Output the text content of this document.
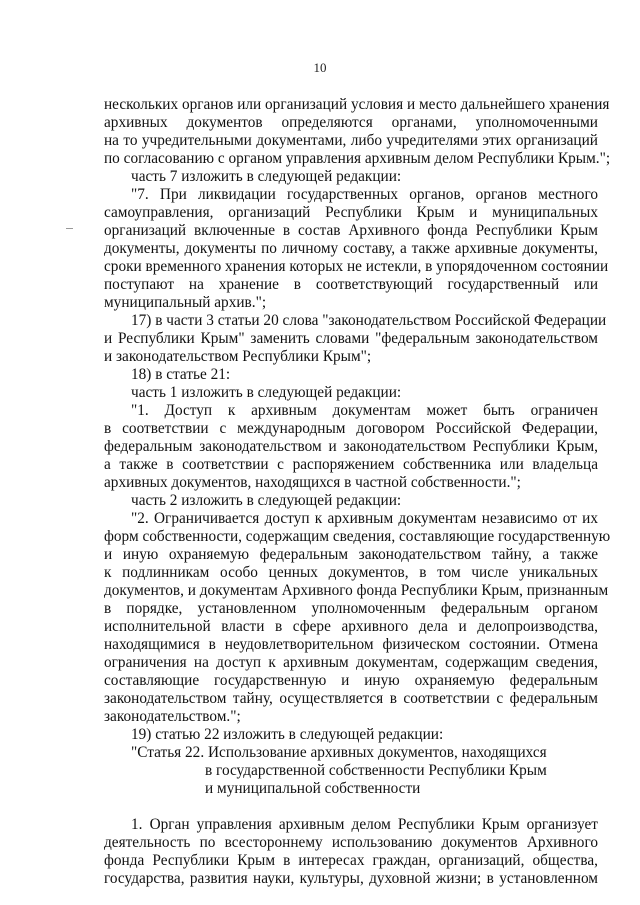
10
нескольких органов или организаций условия и место дальнейшего хранения
архивных документов определяются органами, уполномоченными
на то учредительными документами, либо учредителями этих организаций
по согласованию с органом управления архивным делом Республики Крым.";
часть 7 изложить в следующей редакции:
"7. При ликвидации государственных органов, органов местного
самоуправления, организаций Республики Крым и муниципальных
организаций включенные в состав Архивного фонда Республики Крым
документы, документы по личному составу, а также архивные документы,
сроки временного хранения которых не истекли, в упорядоченном состоянии
поступают на хранение в соответствующий государственный или
муниципальный архив.";
17) в части 3 статьи 20 слова "законодательством Российской Федерации
и Республики Крым" заменить словами "федеральным законодательством
и законодательством Республики Крым";
18) в статье 21:
часть 1 изложить в следующей редакции:
"1. Доступ к архивным документам может быть ограничен
в соответствии с международным договором Российской Федерации,
федеральным законодательством и законодательством Республики Крым,
а также в соответствии с распоряжением собственника или владельца
архивных документов, находящихся в частной собственности.";
часть 2 изложить в следующей редакции:
"2. Ограничивается доступ к архивным документам независимо от их
форм собственности, содержащим сведения, составляющие государственную
и иную охраняемую федеральным законодательством тайну, а также
к подлинникам особо ценных документов, в том числе уникальных
документов, и документам Архивного фонда Республики Крым, признанным
в порядке, установленном уполномоченным федеральным органом
исполнительной власти в сфере архивного дела и делопроизводства,
находящимися в неудовлетворительном физическом состоянии. Отмена
ограничения на доступ к архивным документам, содержащим сведения,
составляющие государственную и иную охраняемую федеральным
законодательством тайну, осуществляется в соответствии с федеральным
законодательством.";
19) статью 22 изложить в следующей редакции:
"Статья 22. Использование архивных документов, находящихся
в государственной собственности Республики Крым
и муниципальной собственности
1. Орган управления архивным делом Республики Крым организует
деятельность по всестороннему использованию документов Архивного
фонда Республики Крым в интересах граждан, организаций, общества,
государства, развития науки, культуры, духовной жизни; в установленном
